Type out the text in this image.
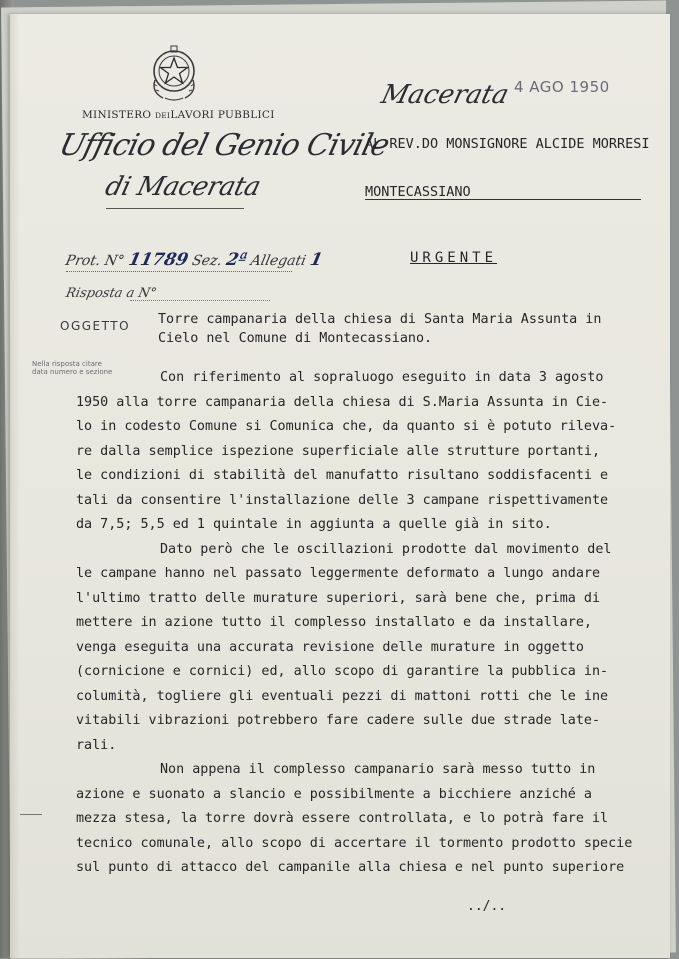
MINISTERO DEILAVORI PUBBLICI
Ufficio del Genio Civile
di Macerata
Macerata 4 AGO 1950
AL REV.DO MONSIGNORE ALCIDE MORRESI
MONTECASSIANO
Prot. N° 11789 Sez. 2ª Allegati 1
Risposta a N°
URGENTE
OGGETTO Torre campanaria della chiesa di Santa Maria Assunta in
Cielo nel Comune di Montecassiano.
Nella risposta citare
data numero e sezione	Con riferimento al sopraluogo eseguito in data 3 agosto
1950 alla torre campanaria della chiesa di S.Maria Assunta in Cie-
lo in codesto Comune si Comunica che, da quanto si è potuto rileva-
re dalla semplice ispezione superficiale alle strutture portanti,
le condizioni di stabilità del manufatto risultano soddisfacenti e
tali da consentire l'installazione delle 3 campane rispettivamente
da 7,5; 5,5 ed 1 quintale in aggiunta a quelle già in sito.
Dato però che le oscillazioni prodotte dal movimento del
le campane hanno nel passato leggermente deformato a lungo andare
l'ultimo tratto delle murature superiori, sarà bene che, prima di
mettere in azione tutto il complesso installato e da installare,
venga eseguita una accurata revisione delle murature in oggetto
(cornicione e cornici) ed, allo scopo di garantire la pubblica in-
columità, togliere gli eventuali pezzi di mattoni rotti che le ine
vitabili vibrazioni potrebbero fare cadere sulle due strade late-
rali.
Non appena il complesso campanario sarà messo tutto in
azione e suonato a slancio e possibilmente a bicchiere anziché a
mezza stesa, la torre dovrà essere controllata, e lo potrà fare il
tecnico comunale, allo scopo di accertare il tormento prodotto specie
sul punto di attacco del campanile alla chiesa e nel punto superiore
../..
